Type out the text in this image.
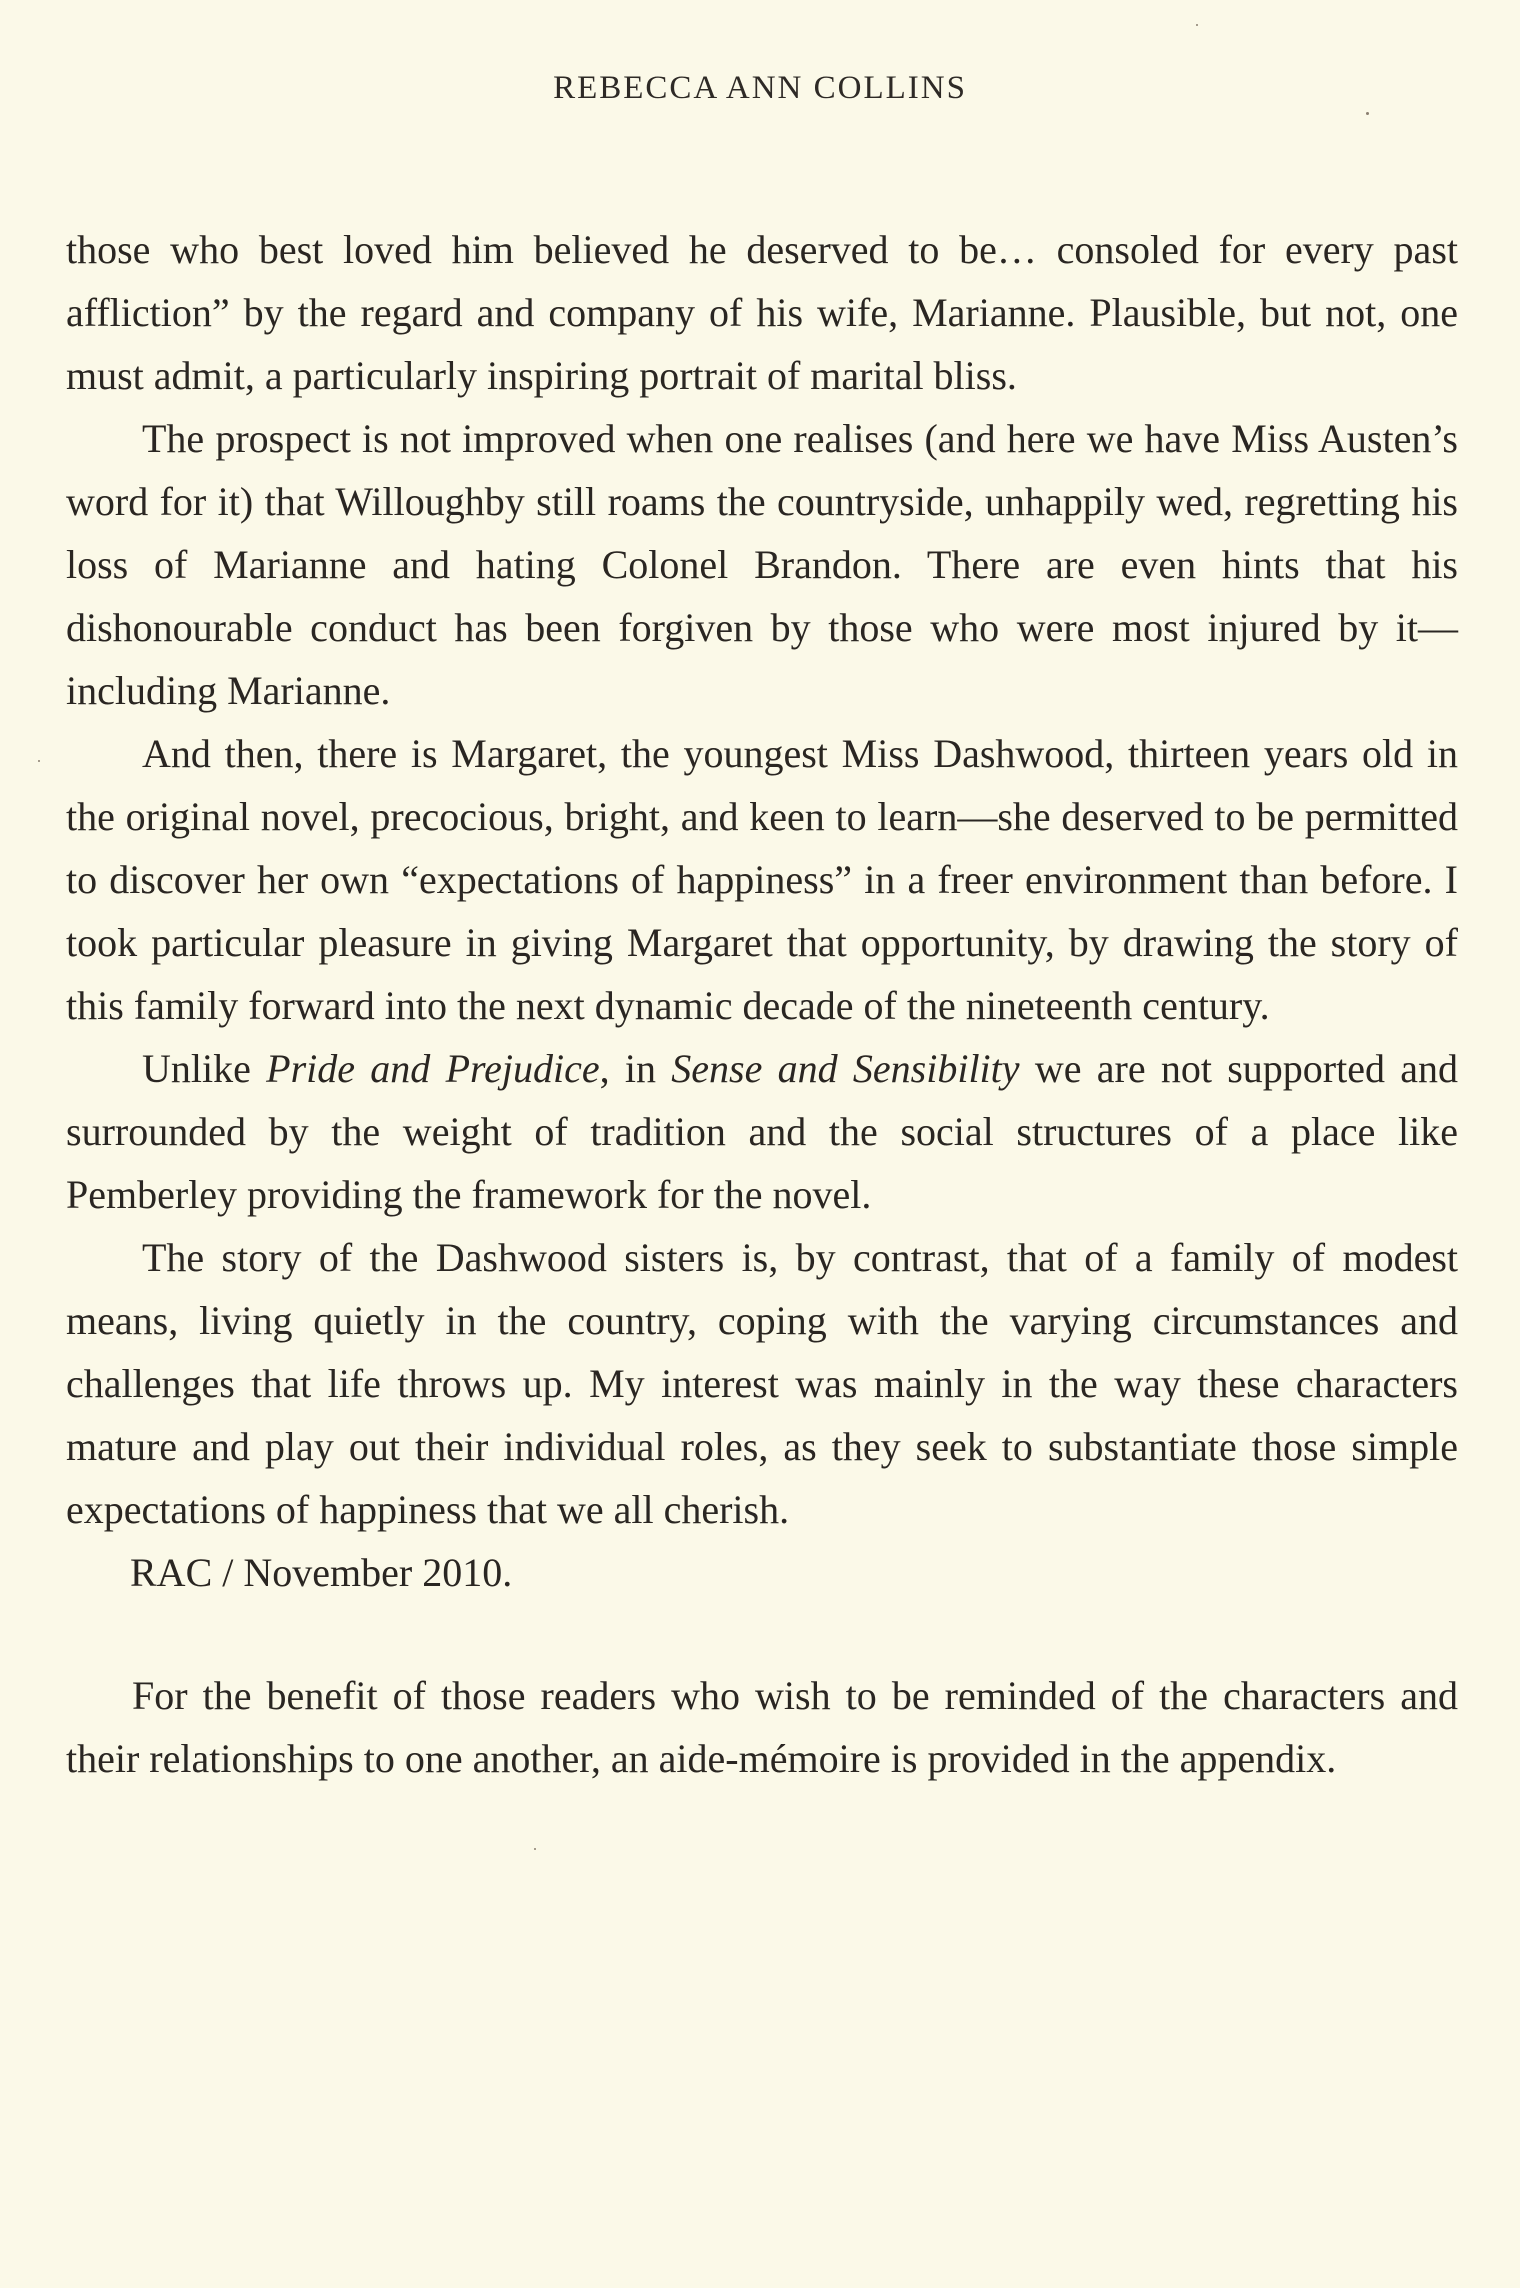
REBECCA ANN COLLINS

those who best loved him believed he deserved to be… consoled for every past affliction” by the regard and company of his wife, Marianne. Plausible, but not, one must admit, a particularly inspiring portrait of marital bliss.

The prospect is not improved when one realises (and here we have Miss Austen’s word for it) that Willoughby still roams the countryside, unhappily wed, regretting his loss of Marianne and hating Colonel Brandon. There are even hints that his dishonourable conduct has been forgiven by those who were most injured by it—including Marianne.

And then, there is Margaret, the youngest Miss Dashwood, thirteen years old in the original novel, precocious, bright, and keen to learn—she deserved to be permitted to discover her own “expectations of happiness” in a freer environment than before. I took particular pleasure in giving Margaret that opportunity, by drawing the story of this family forward into the next dynamic decade of the nineteenth century.

Unlike Pride and Prejudice, in Sense and Sensibility we are not supported and surrounded by the weight of tradition and the social structures of a place like Pemberley providing the framework for the novel.

The story of the Dashwood sisters is, by contrast, that of a family of modest means, living quietly in the country, coping with the varying circumstances and challenges that life throws up. My interest was mainly in the way these characters mature and play out their individual roles, as they seek to substantiate those simple expectations of happiness that we all cherish.

RAC / November 2010.

For the benefit of those readers who wish to be reminded of the characters and their relationships to one another, an aide-mémoire is provided in the appendix.
